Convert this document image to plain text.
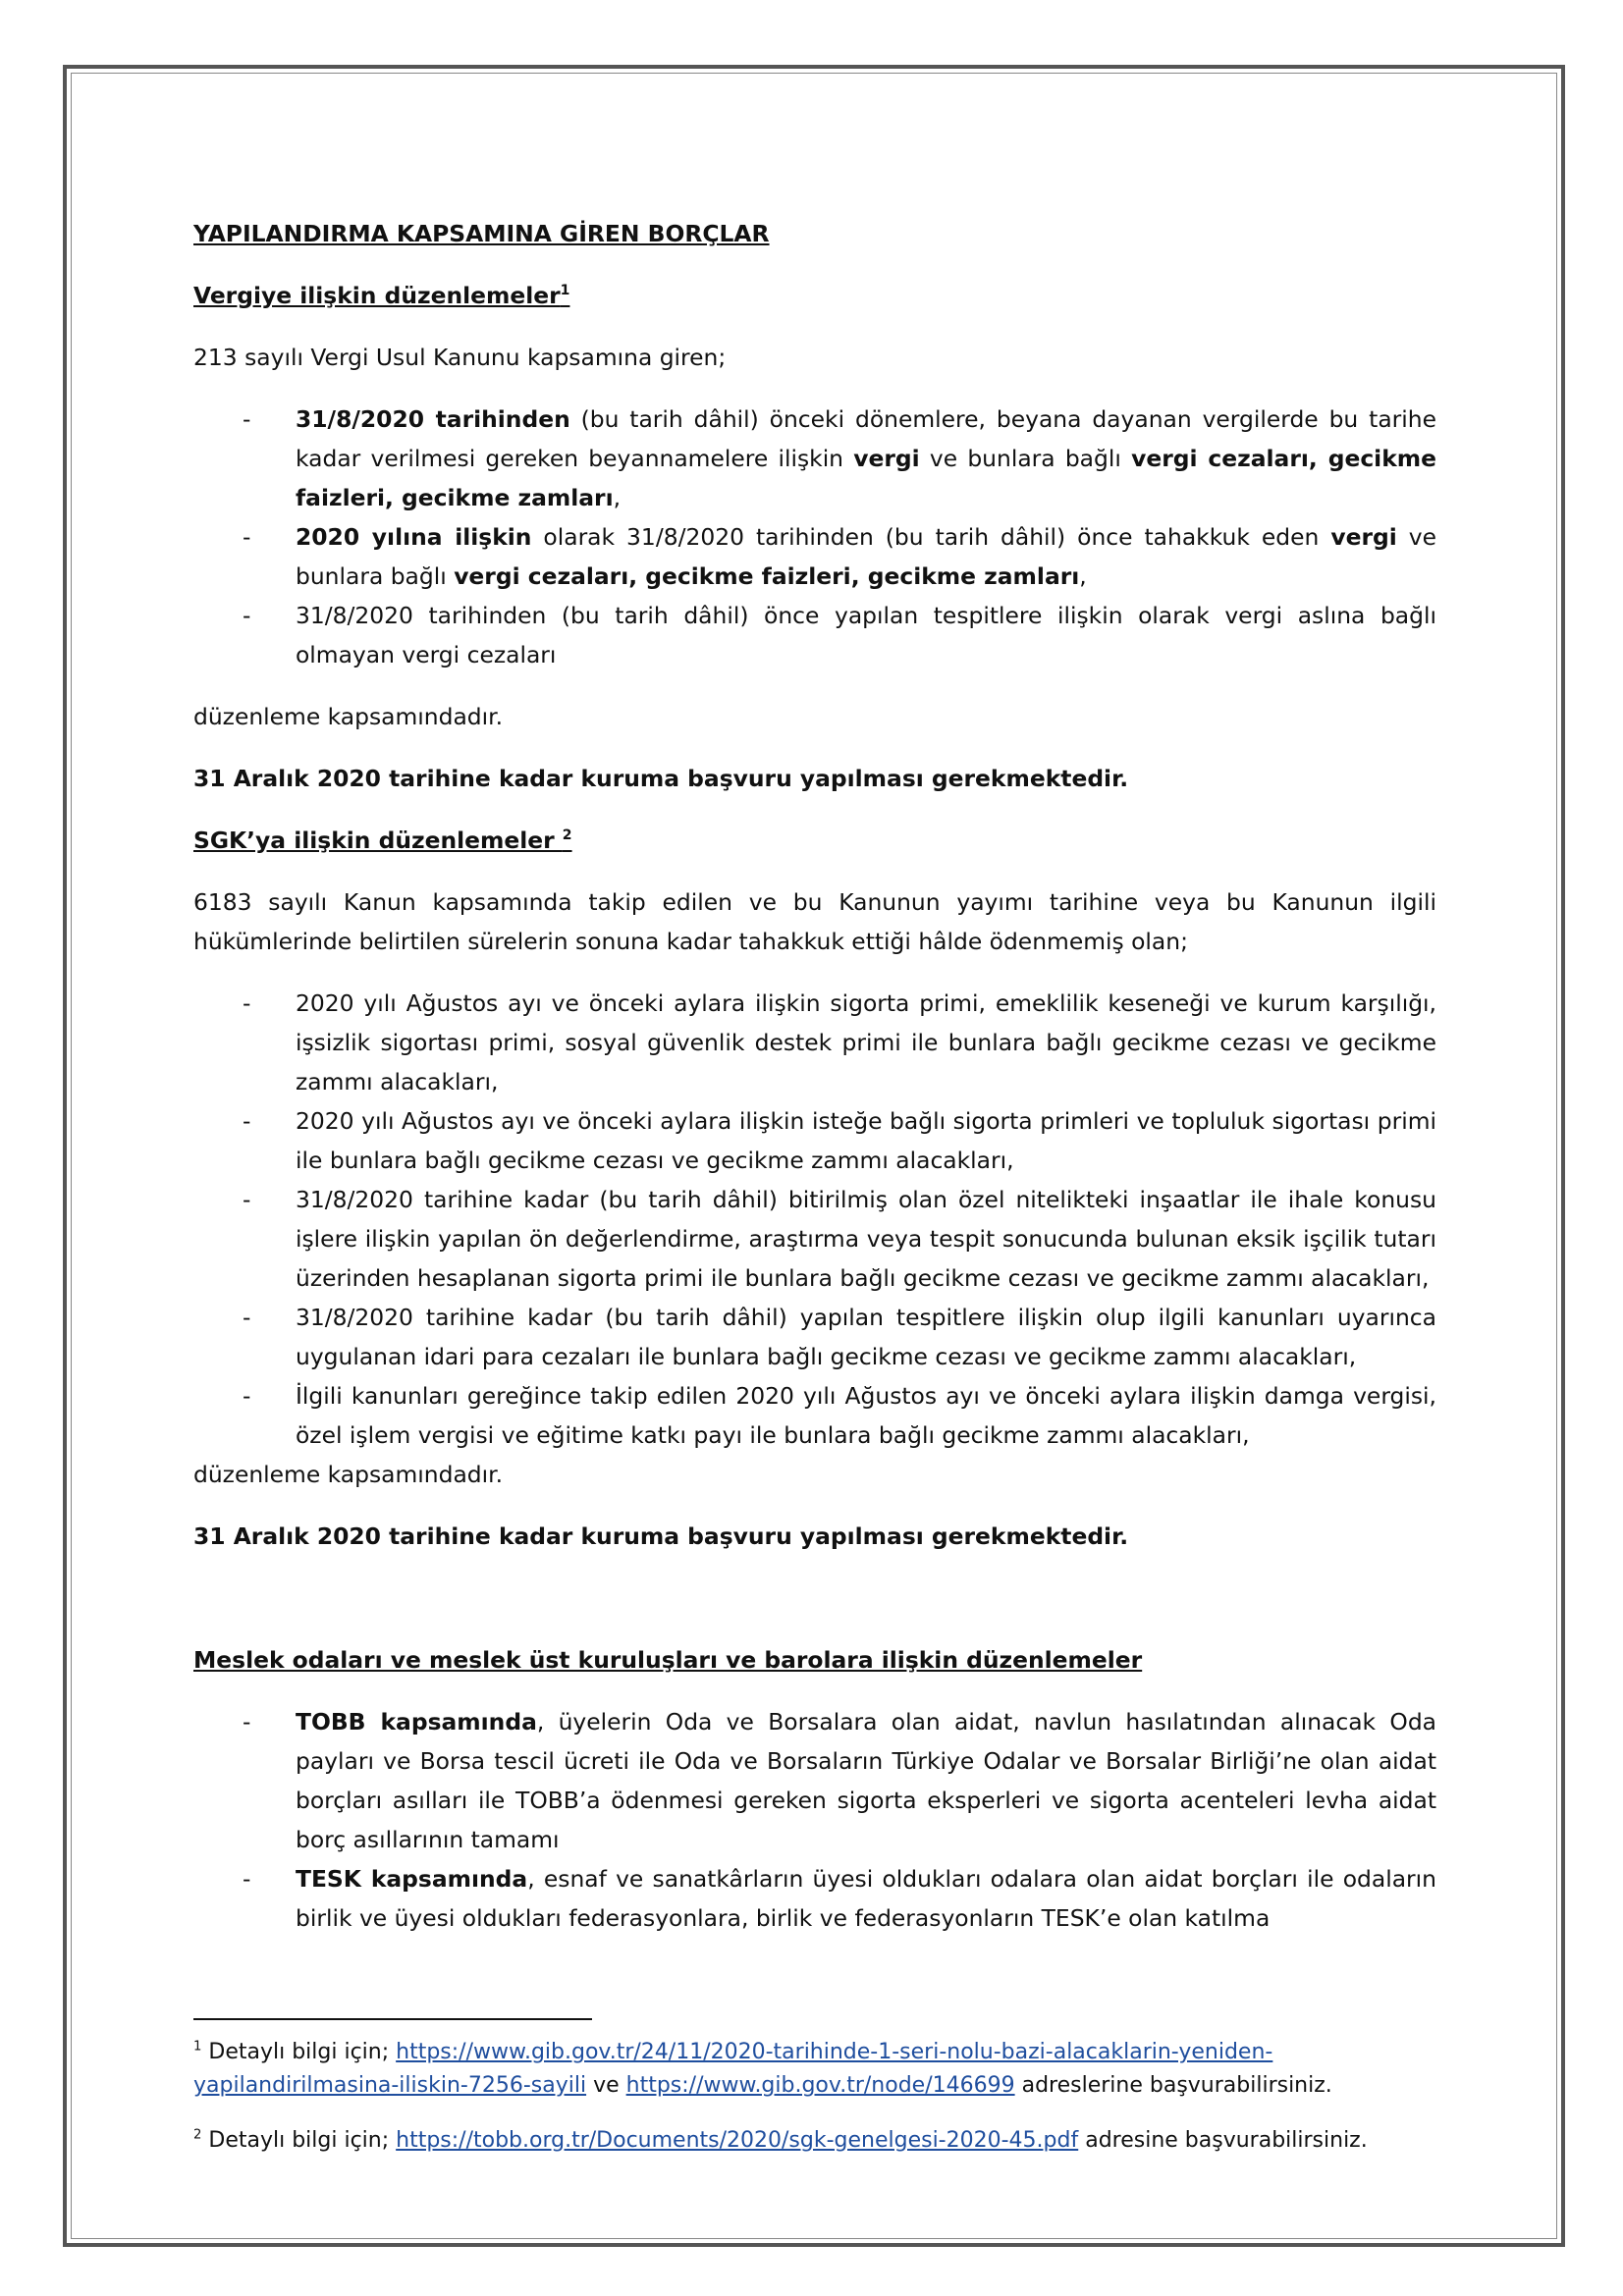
YAPILANDIRMA KAPSAMINA GİREN BORÇLAR

Vergiye ilişkin düzenlemeler$^1$

213 sayılı Vergi Usul Kanunu kapsamına giren;

- 31/8/2020 tarihinden (bu tarih dâhil) önceki dönemlere, beyana dayanan vergilerde bu tarihe kadar verilmesi gereken beyannamelere ilişkin vergi ve bunlara bağlı vergi cezaları, gecikme faizleri, gecikme zamları,
- 2020 yılına ilişkin olarak 31/8/2020 tarihinden (bu tarih dâhil) önce tahakkuk eden vergi ve bunlara bağlı vergi cezaları, gecikme faizleri, gecikme zamları,
- 31/8/2020 tarihinden (bu tarih dâhil) önce yapılan tespitlere ilişkin olarak vergi aslına bağlı olmayan vergi cezaları

düzenleme kapsamındadır.

31 Aralık 2020 tarihine kadar kuruma başvuru yapılması gerekmektedir.

SGK’ya ilişkin düzenlemeler $^2$

6183 sayılı Kanun kapsamında takip edilen ve bu Kanunun yayımı tarihine veya bu Kanunun ilgili hükümlerinde belirtilen sürelerin sonuna kadar tahakkuk ettiği hâlde ödenmemiş olan;

- 2020 yılı Ağustos ayı ve önceki aylara ilişkin sigorta primi, emeklilik keseneği ve kurum karşılığı, işsizlik sigortası primi, sosyal güvenlik destek primi ile bunlara bağlı gecikme cezası ve gecikme zammı alacakları,
- 2020 yılı Ağustos ayı ve önceki aylara ilişkin isteğe bağlı sigorta primleri ve topluluk sigortası primi ile bunlara bağlı gecikme cezası ve gecikme zammı alacakları,
- 31/8/2020 tarihine kadar (bu tarih dâhil) bitirilmiş olan özel nitelikteki inşaatlar ile ihale konusu işlere ilişkin yapılan ön değerlendirme, araştırma veya tespit sonucunda bulunan eksik işçilik tutarı üzerinden hesaplanan sigorta primi ile bunlara bağlı gecikme cezası ve gecikme zammı alacakları,
- 31/8/2020 tarihine kadar (bu tarih dâhil) yapılan tespitlere ilişkin olup ilgili kanunları uyarınca uygulanan idari para cezaları ile bunlara bağlı gecikme cezası ve gecikme zammı alacakları,
- İlgili kanunları gereğince takip edilen 2020 yılı Ağustos ayı ve önceki aylara ilişkin damga vergisi, özel işlem vergisi ve eğitime katkı payı ile bunlara bağlı gecikme zammı alacakları,

düzenleme kapsamındadır.

31 Aralık 2020 tarihine kadar kuruma başvuru yapılması gerekmektedir.

Meslek odaları ve meslek üst kuruluşları ve barolara ilişkin düzenlemeler

- TOBB kapsamında, üyelerin Oda ve Borsalara olan aidat, navlun hasılatından alınacak Oda payları ve Borsa tescil ücreti ile Oda ve Borsaların Türkiye Odalar ve Borsalar Birliği’ne olan aidat borçları asılları ile TOBB’a ödenmesi gereken sigorta eksperleri ve sigorta acenteleri levha aidat borç asıllarının tamamı
- TESK kapsamında, esnaf ve sanatkârların üyesi oldukları odalara olan aidat borçları ile odaların birlik ve üyesi oldukları federasyonlara, birlik ve federasyonların TESK’e olan katılma

$^1$ Detaylı bilgi için; https://www.gib.gov.tr/24/11/2020-tarihinde-1-seri-nolu-bazi-alacaklarin-yeniden-yapilandirilmasina-iliskin-7256-sayili ve https://www.gib.gov.tr/node/146699 adreslerine başvurabilirsiniz.

$^2$ Detaylı bilgi için; https://tobb.org.tr/Documents/2020/sgk-genelgesi-2020-45.pdf adresine başvurabilirsiniz.
